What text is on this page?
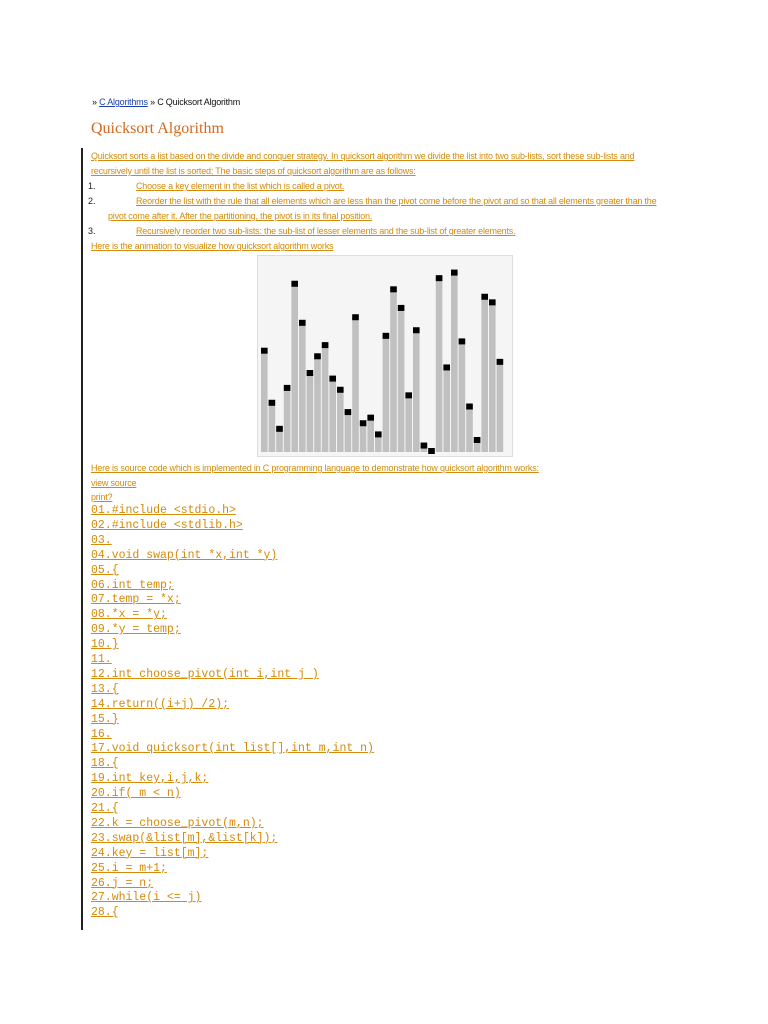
» C Algorithms » C Quicksort Algorithm
Quicksort Algorithm
Quicksort sorts a list based on the divide and conquer strategy. In quicksort algorithm we divide the list into two sub-lists, sort these sub-lists and
recursively until the list is sorted; The basic steps of quicksort algorithm are as follows:
1.	Choose a key element in the list which is called a pivot.
2.	Reorder the list with the rule that all elements which are less than the pivot come before the pivot and so that all elements greater than the
pivot come after it. After the partitioning, the pivot is in its final position.
3.	Recursively reorder two sub-lists: the sub-list of lesser elements and the sub-list of greater elements.
Here is the animation to visualize how quicksort algorithm works
Here is source code which is implemented in C programming language to demonstrate how quicksort algorithm works:
view source
print?
01.#include <stdio.h>
02.#include <stdlib.h>
03.
04.void swap(int *x,int *y)
05.{
06.int temp;
07.temp = *x;
08.*x = *y;
09.*y = temp;
10.}
11.
12.int choose_pivot(int i,int j )
13.{
14.return((i+j) /2);
15.}
16.
17.void quicksort(int list[],int m,int n)
18.{
19.int key,i,j,k;
20.if( m < n)
21.{
22.k = choose_pivot(m,n);
23.swap(&list[m],&list[k]);
24.key = list[m];
25.i = m+1;
26.j = n;
27.while(i <= j)
28.{
